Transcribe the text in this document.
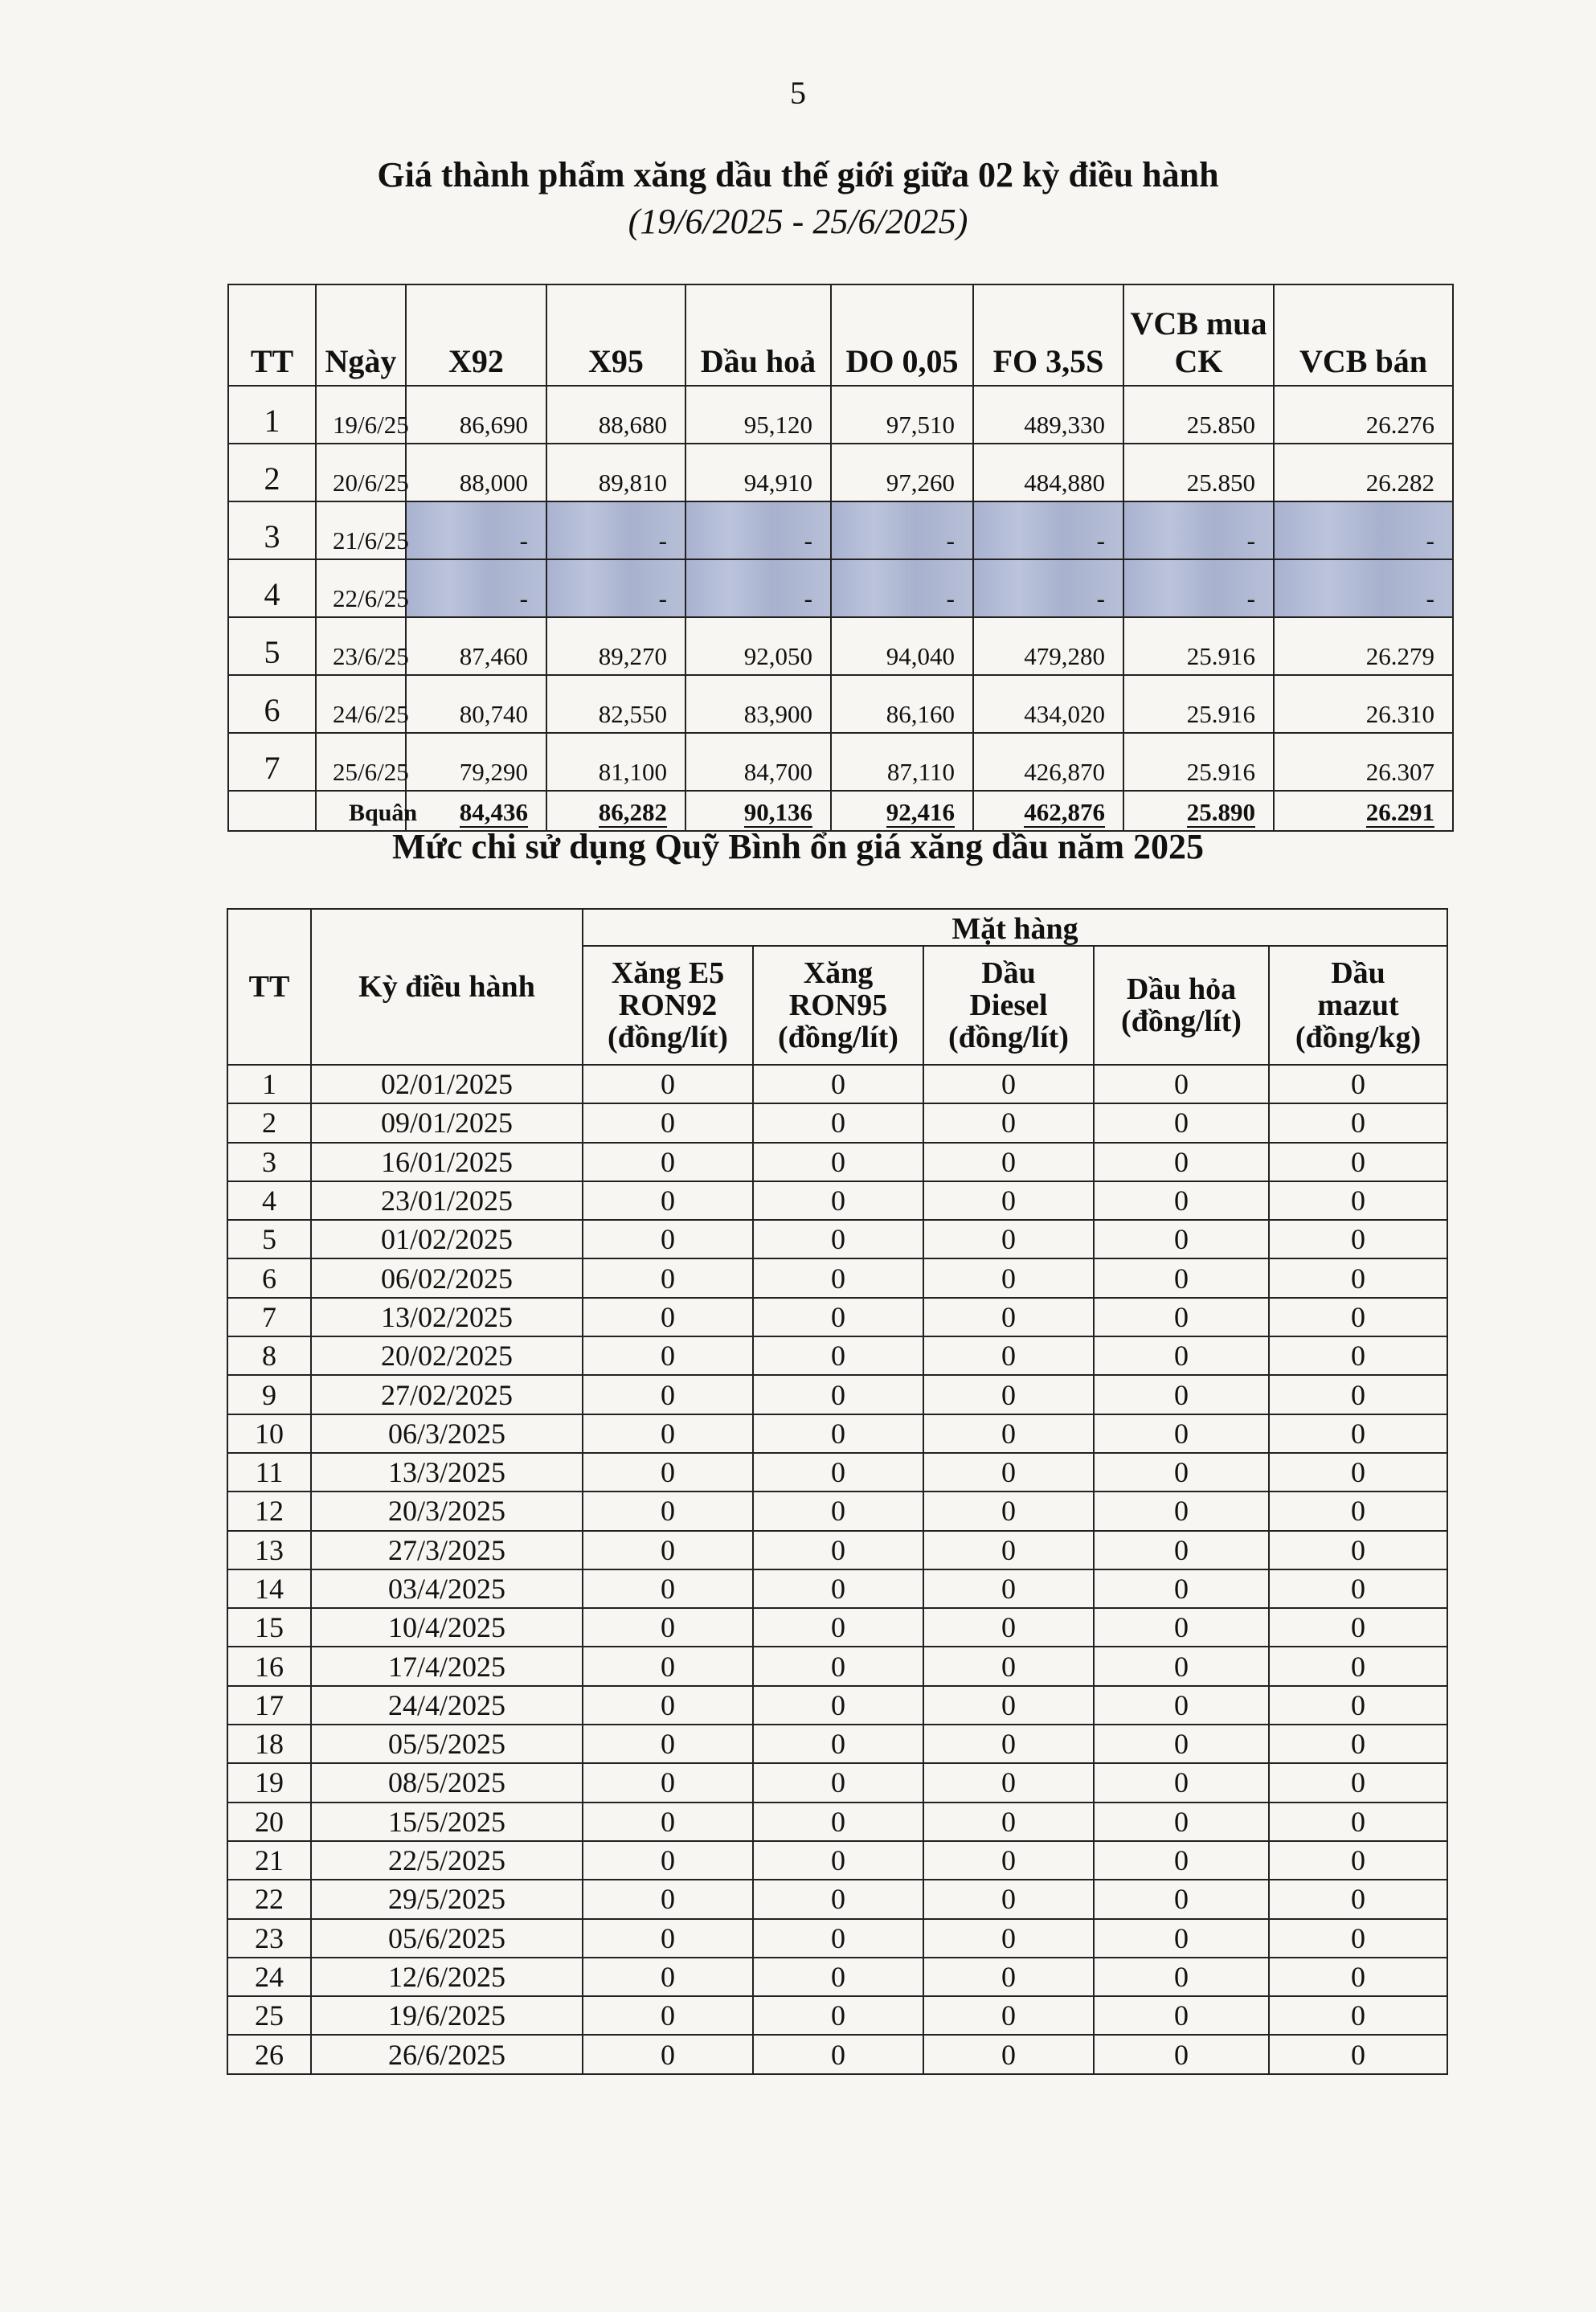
5
Giá thành phẩm xăng dầu thế giới giữa 02 kỳ điều hành
(19/6/2025 - 25/6/2025)
TT	Ngày	X92	X95	Dầu hoả	DO 0,05	FO 3,5S	VCB mua CK	VCB bán
1	19/6/25	86,690	88,680	95,120	97,510	489,330	25.850	26.276
2	20/6/25	88,000	89,810	94,910	97,260	484,880	25.850	26.282
3	21/6/25	-	-	-	-	-	-	-
4	22/6/25	-	-	-	-	-	-	-
5	23/6/25	87,460	89,270	92,050	94,040	479,280	25.916	26.279
6	24/6/25	80,740	82,550	83,900	86,160	434,020	25.916	26.310
7	25/6/25	79,290	81,100	84,700	87,110	426,870	25.916	26.307
	Bquân	84,436	86,282	90,136	92,416	462,876	25.890	26.291
Mức chi sử dụng Quỹ Bình ổn giá xăng dầu năm 2025
TT	Kỳ điều hành	Mặt hàng				
		Xăng E5
RON92
(đồng/lít)	Xăng
RON95
(đồng/lít)	Dầu
Diesel
(đồng/lít)	Dầu hỏa
(đồng/lít)	Dầu
mazut
(đồng/kg)
1	02/01/2025	0	0	0	0	0
2	09/01/2025	0	0	0	0	0
3	16/01/2025	0	0	0	0	0
4	23/01/2025	0	0	0	0	0
5	01/02/2025	0	0	0	0	0
6	06/02/2025	0	0	0	0	0
7	13/02/2025	0	0	0	0	0
8	20/02/2025	0	0	0	0	0
9	27/02/2025	0	0	0	0	0
10	06/3/2025	0	0	0	0	0
11	13/3/2025	0	0	0	0	0
12	20/3/2025	0	0	0	0	0
13	27/3/2025	0	0	0	0	0
14	03/4/2025	0	0	0	0	0
15	10/4/2025	0	0	0	0	0
16	17/4/2025	0	0	0	0	0
17	24/4/2025	0	0	0	0	0
18	05/5/2025	0	0	0	0	0
19	08/5/2025	0	0	0	0	0
20	15/5/2025	0	0	0	0	0
21	22/5/2025	0	0	0	0	0
22	29/5/2025	0	0	0	0	0
23	05/6/2025	0	0	0	0	0
24	12/6/2025	0	0	0	0	0
25	19/6/2025	0	0	0	0	0
26	26/6/2025	0	0	0	0	0
